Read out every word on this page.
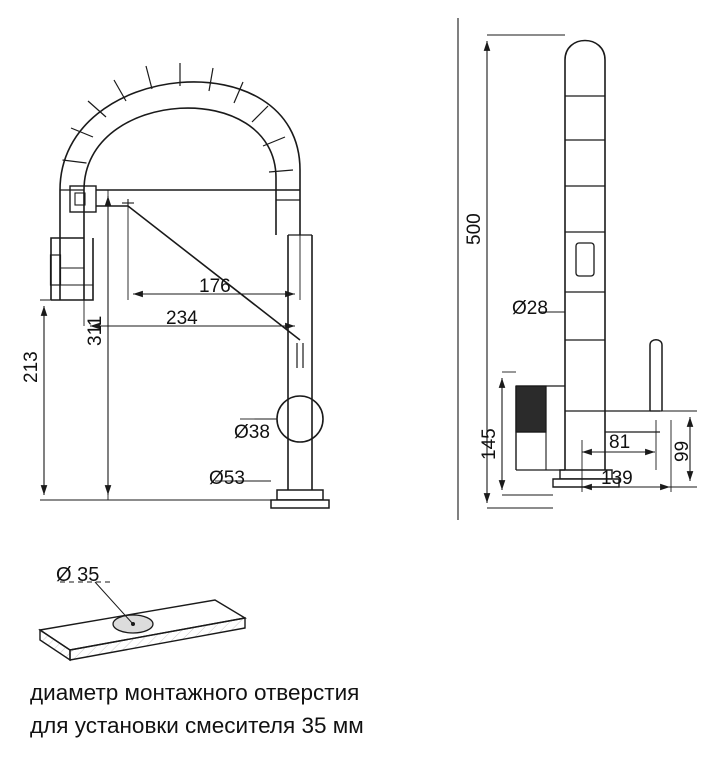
176
234
311
213
Ø38
Ø53
500
Ø28
145	81
139
99
Ø 35
диаметр монтажного отверстия
для установки смесителя 35 мм
